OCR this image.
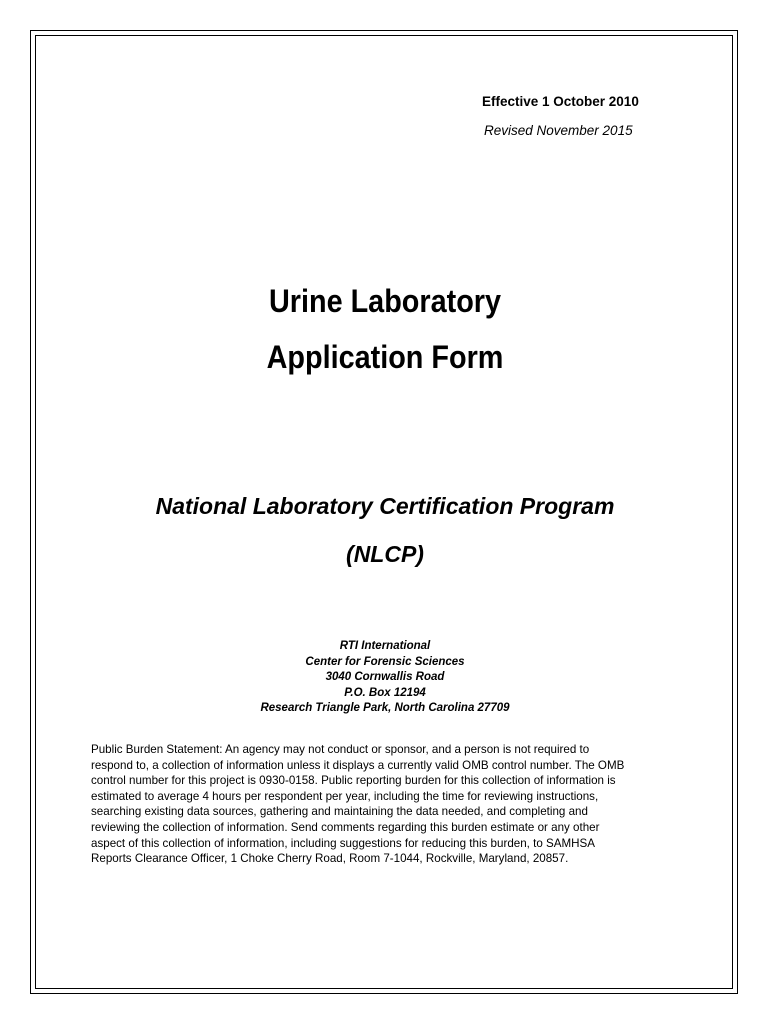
Effective 1 October 2010
Revised November 2015
Urine Laboratory
Application Form
National Laboratory Certification Program
(NLCP)
RTI International
Center for Forensic Sciences
3040 Cornwallis Road
P.O. Box 12194
Research Triangle Park, North Carolina 27709
Public Burden Statement: An agency may not conduct or sponsor, and a person is not required to
respond to, a collection of information unless it displays a currently valid OMB control number. The OMB
control number for this project is 0930-0158. Public reporting burden for this collection of information is
estimated to average 4 hours per respondent per year, including the time for reviewing instructions,
searching existing data sources, gathering and maintaining the data needed, and completing and
reviewing the collection of information. Send comments regarding this burden estimate or any other
aspect of this collection of information, including suggestions for reducing this burden, to SAMHSA
Reports Clearance Officer, 1 Choke Cherry Road, Room 7-1044, Rockville, Maryland, 20857.
